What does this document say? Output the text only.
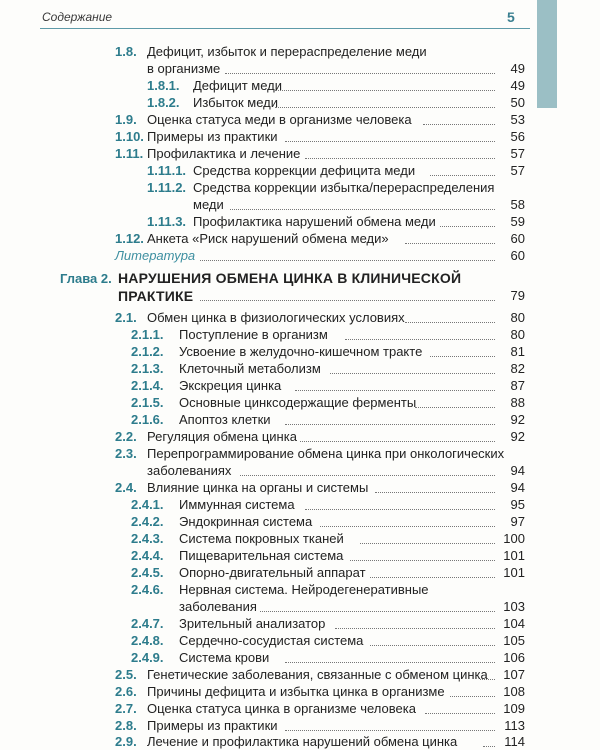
Содержание	5
1.8. Дефицит, избыток и перераспределение меди
в организме	49
1.8.1. Дефицит меди	49
1.8.2. Избыток меди	50
1.9. Оценка статуса меди в организме человека	53
1.10. Примеры из практики	56
1.11. Профилактика и лечение	57
1.11.1. Средства коррекции дефицита меди	57
1.11.2. Средства коррекции избытка/перераспределения
меди	58
1.11.3. Профилактика нарушений обмена меди	59
1.12. Анкета «Риск нарушений обмена меди»	60
Литература	60
Глава 2. НАРУШЕНИЯ ОБМЕНА ЦИНКА В КЛИНИЧЕСКОЙ
ПРАКТИКЕ	79
2.1. Обмен цинка в физиологических условиях	80
2.1.1. Поступление в организм	80
2.1.2. Усвоение в желудочно-кишечном тракте	81
2.1.3. Клеточный метаболизм	82
2.1.4. Экскреция цинка	87
2.1.5. Основные цинксодержащие ферменты	88
2.1.6. Апоптоз клетки	92
2.2. Регуляция обмена цинка	92
2.3. Перепрограммирование обмена цинка при онкологических
заболеваниях	94
2.4. Влияние цинка на органы и системы	94
2.4.1. Иммунная система	95
2.4.2. Эндокринная система	97
2.4.3. Система покровных тканей	100
2.4.4. Пищеварительная система	101
2.4.5. Опорно-двигательный аппарат	101
2.4.6. Нервная система. Нейродегенеративные
заболевания	103
2.4.7. Зрительный анализатор	104
2.4.8. Сердечно-сосудистая система	105
2.4.9. Система крови	106
2.5. Генетические заболевания, связанные с обменом цинка	107
2.6. Причины дефицита и избытка цинка в организме	108
2.7. Оценка статуса цинка в организме человека	109
2.8. Примеры из практики	113
2.9. Лечение и профилактика нарушений обмена цинка	114
